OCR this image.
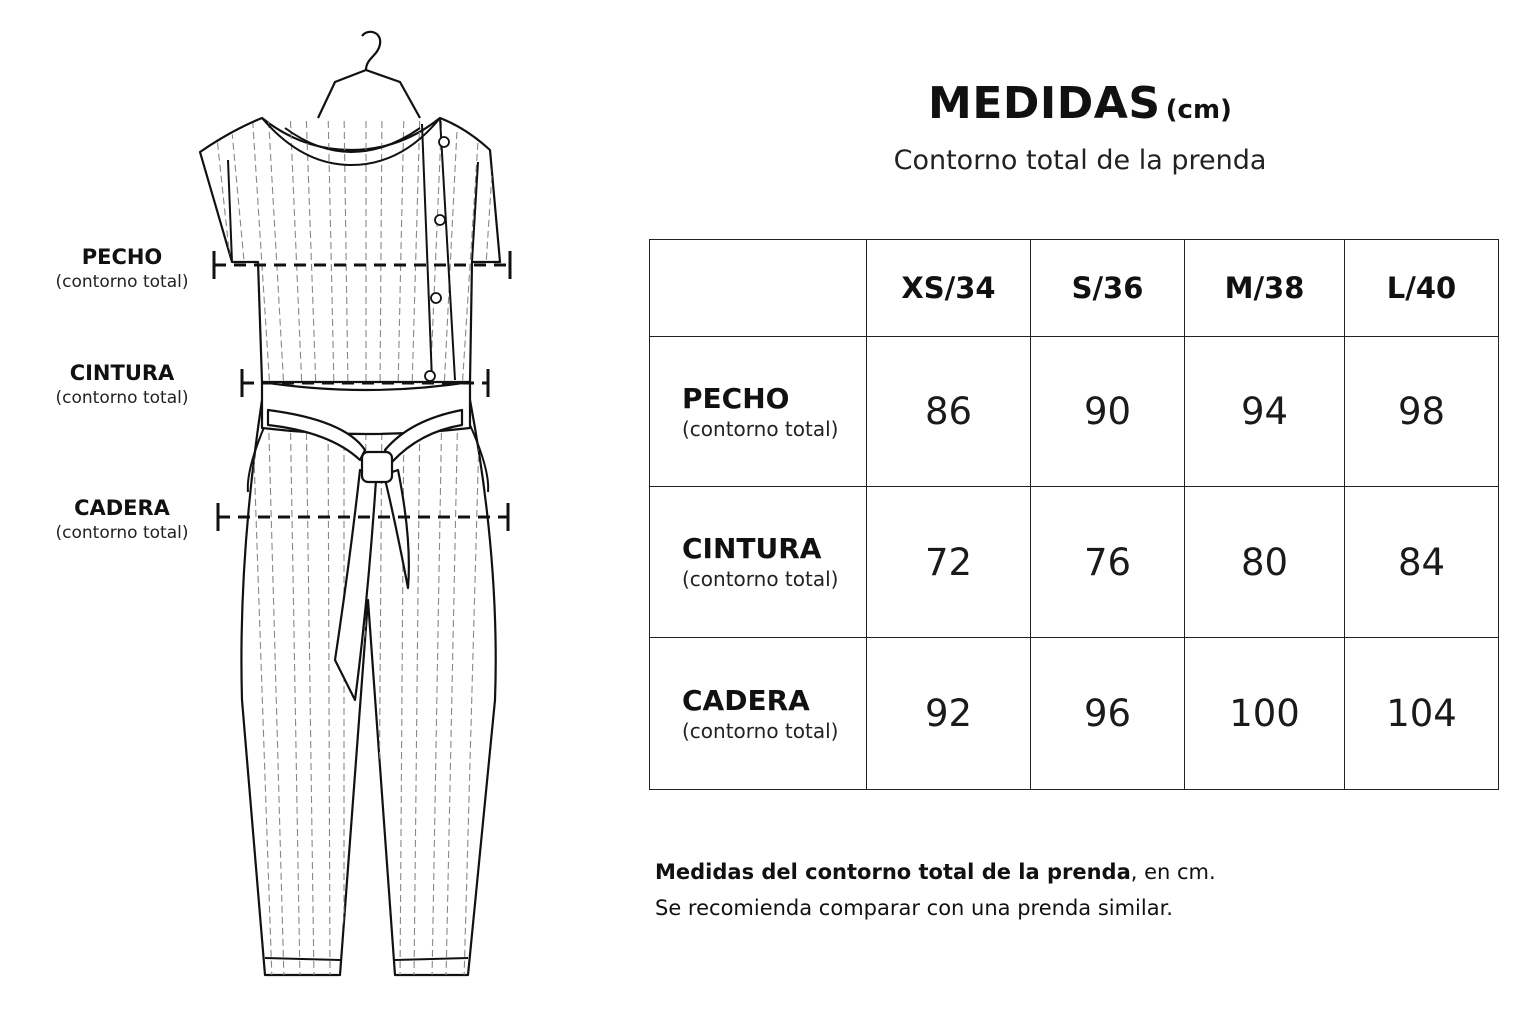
PECHO
(contorno total)
CINTURA
(contorno total)
CADERA
(contorno total)
MEDIDAS (cm)
Contorno total de la prenda
	XS/34	S/36	M/38	L/40

PECHO
(contorno total)	86	90	94	98

CINTURA
(contorno total)	72	76	80	84

CADERA
(contorno total)	92	96	100	104
Medidas del contorno total de la prenda, en cm.
Se recomienda comparar con una prenda similar.
